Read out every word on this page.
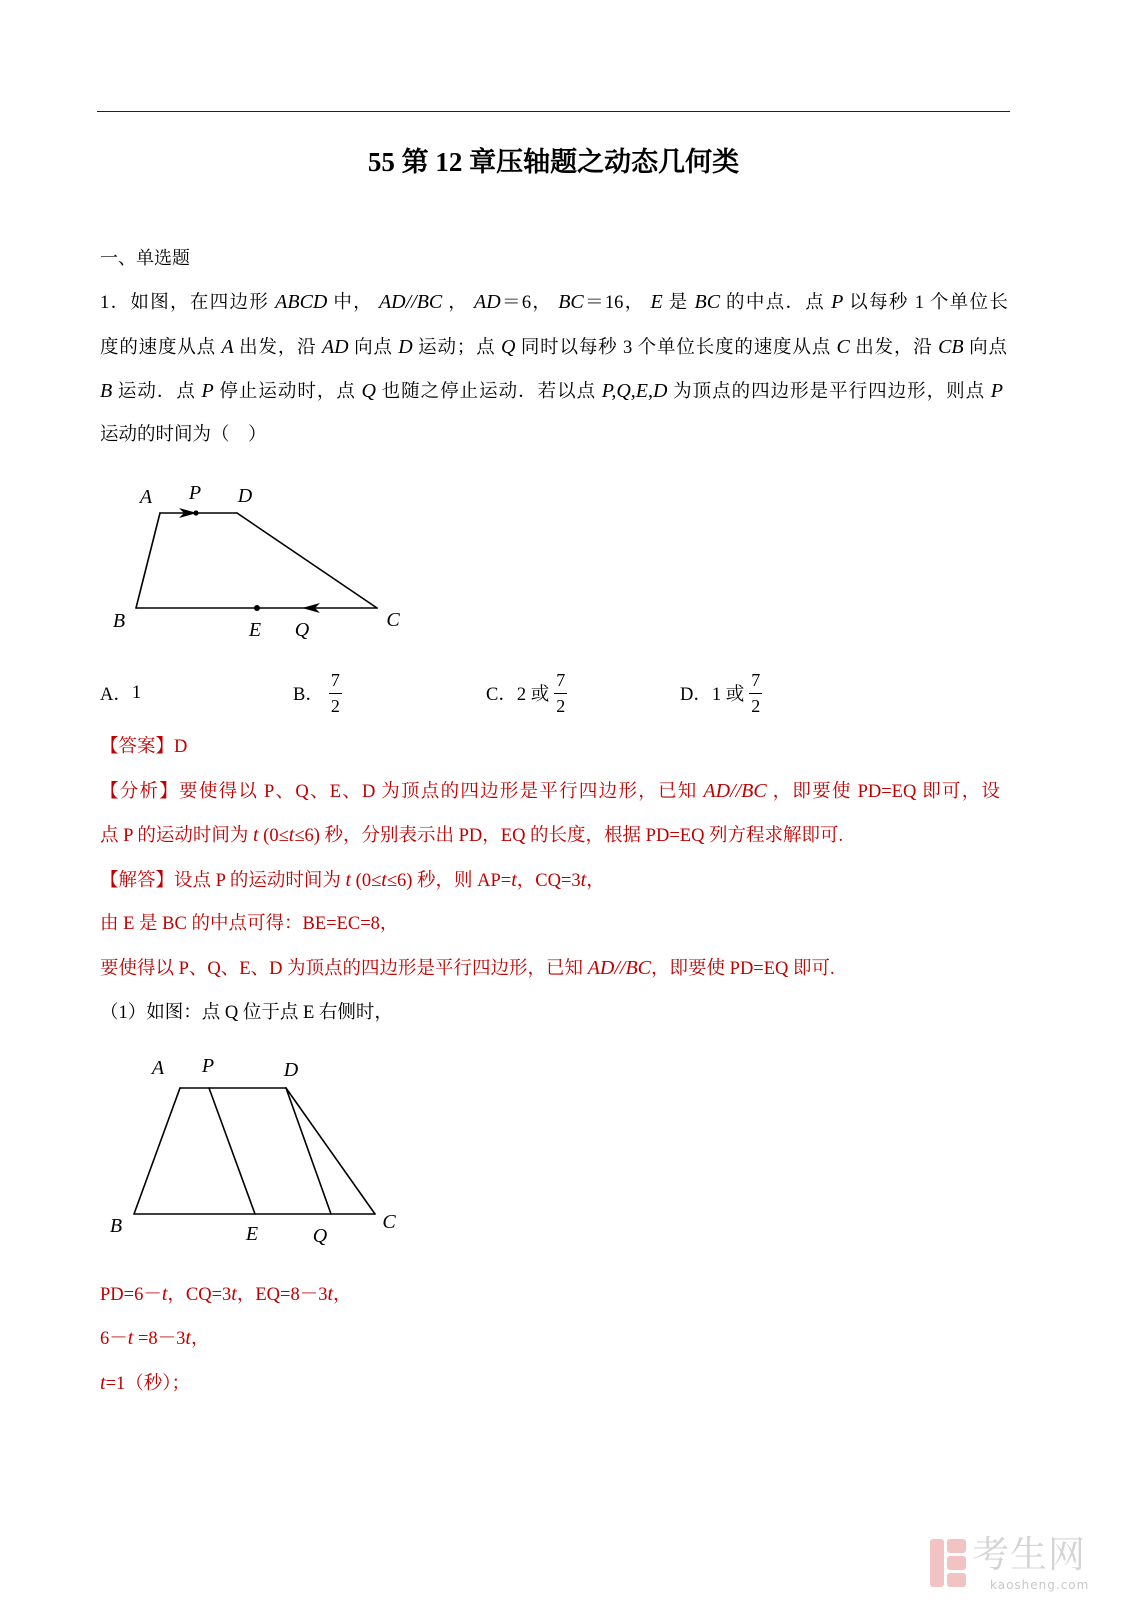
55 第 12 章压轴题之动态几何类
一、单选题
1．如图，在四边形 ABCD 中， AD//BC ， AD＝6， BC＝16， E 是 BC 的中点．点 P 以每秒 1 个单位长
度的速度从点 A 出发，沿 AD 向点 D 运动；点 Q 同时以每秒 3 个单位长度的速度从点 C 出发，沿 CB 向点
B 运动．点 P 停止运动时，点 Q 也随之停止运动．若以点 P,Q,E,D 为顶点的四边形是平行四边形，则点 P
运动的时间为（　）
A P D
B	E Q	C
A． 1	B． $\frac{7}{2}$	C． 2 或 $\frac{7}{2}$	D． 1 或 $\frac{7}{2}$
【答案】D
【分析】要使得以 P、Q、E、D 为顶点的四边形是平行四边形，已知 AD//BC ，即要使 PD=EQ 即可，设
点 P 的运动时间为 t (0≤t≤6) 秒，分别表示出 PD，EQ 的长度，根据 PD=EQ 列方程求解即可.
【解答】设点 P 的运动时间为 t (0≤t≤6) 秒，则 AP=t，CQ=3t，
由 E 是 BC 的中点可得：BE=EC=8，
要使得以 P、Q、E、D 为顶点的四边形是平行四边形，已知 AD//BC，即要使 PD=EQ 即可.
（1）如图：点 Q 位于点 E 右侧时，
A P	D
B	E	Q
C
PD=6－t，CQ=3t，EQ=8－3t，
6－t =8－3t，
t=1（秒）；
考生网
kaosheng.com
